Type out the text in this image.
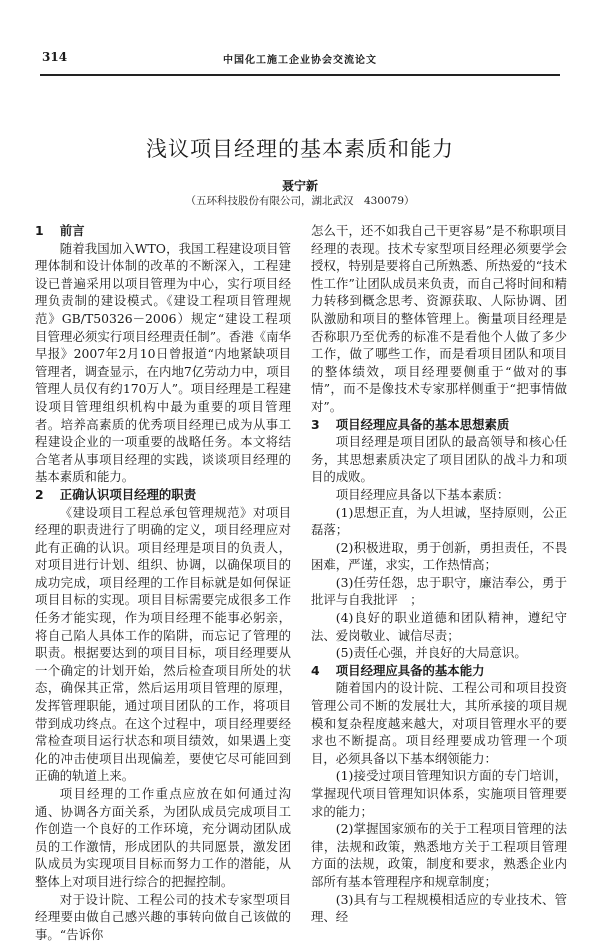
314	中国化工施工企业协会交流论文
浅议项目经理的基本素质和能力
聂宁新
（五环科技股份有限公司，湖北武汉　430079）
1 前言

随着我国加入WTO，我国工程建设项目管理体制和设计体制的改革的不断深入，工程建设已普遍采用以项目管理为中心，实行项目经理负责制的建设模式。《建设工程项目管理规范》GB/T50326－2006）规定“建设工程项目管理必须实行项目经理责任制”。香港《南华早报》2007年2月10日曾报道“内地紧缺项目管理者，调查显示，在内地7亿劳动力中，项目管理人员仅有约170万人”。项目经理是工程建设项目管理组织机构中最为重要的项目管理者。培养高素质的优秀项目经理已成为从事工程建设企业的一项重要的战略任务。本文将结合笔者从事项目经理的实践，谈谈项目经理的基本素质和能力。

2 正确认识项目经理的职责

《建设项目工程总承包管理规范》对项目经理的职责进行了明确的定义，项目经理应对此有正确的认识。项目经理是项目的负责人，对项目进行计划、组织、协调，以确保项目的成功完成，项目经理的工作目标就是如何保证项目目标的实现。项目目标需要完成很多工作任务才能实现，作为项目经理不能事必躬亲，将自己陷人具体工作的陷阱，而忘记了管理的职责。根据要达到的项目目标，项目经理要从一个确定的计划开始，然后检查项目所处的状态，确保其正常，然后运用项目管理的原理，发挥管理职能，通过项目团队的工作，将项目带到成功终点。在这个过程中，项目经理要经常检查项目运行状态和项目绩效，如果遇上变化的冲击使项目出现偏差，要使它尽可能回到正确的轨道上来。

项目经理的工作重点应放在如何通过沟通、协调各方面关系，为团队成员完成项目工作创造一个良好的工作环境，充分调动团队成员的工作激情，形成团队的共同愿景，激发团队成员为实现项目目标而努力工作的潜能，从整体上对项目进行综合的把握控制。

对于设计院、工程公司的技术专家型项目经理要由做自己感兴趣的事转向做自己该做的事。“告诉你

怎么干，还不如我自己干更容易”是不称职项目经理的表现。技术专家型项目经理必须要学会授权，特别是要将自己所熟悉、所热爱的“技术性工作”让团队成员来负责，而自己将时间和精力转移到概念思考、资源获取、人际协调、团队激励和项目的整体管理上。衡量项目经理是否称职乃至优秀的标准不是看他个人做了多少工作，做了哪些工作，而是看项目团队和项目的整体绩效，项目经理要侧重于“做对的事情”，而不是像技术专家那样侧重于“把事情做对”。

3 项目经理应具备的基本思想素质

项目经理是项目团队的最高领导和核心任务，其思想素质决定了项目团队的战斗力和项目的成败。

项目经理应具备以下基本素质：

(1)思想正直，为人坦诚，坚持原则，公正磊落；

(2)积极进取，勇于创新，勇担责任，不畏困难，严谨，求实，工作热情高；

(3)任劳任怨，忠于职守，廉洁奉公，勇于批评与自我批评　；

(4)良好的职业道德和团队精神，遵纪守法、爱岗敬业、诚信尽责；

(5)责任心强，并良好的大局意识。

4 项目经理应具备的基本能力

随着国内的设计院、工程公司和项目投资管理公司不断的发展壮大，其所承接的项目规模和复杂程度越来越大，对项目管理水平的要求也不断提高。项目经理要成功管理一个项目，必须具备以下基本纲领能力：

(1)接受过项目管理知识方面的专门培训，掌握现代项目管理知识体系，实施项目管理要求的能力；

(2)掌握国家颁布的关于工程项目管理的法律，法规和政策，熟悉地方关于工程项目管理方面的法规，政策，制度和要求，熟悉企业内部所有基本管理程序和规章制度；

(3)具有与工程规模相适应的专业技术、管理、经
